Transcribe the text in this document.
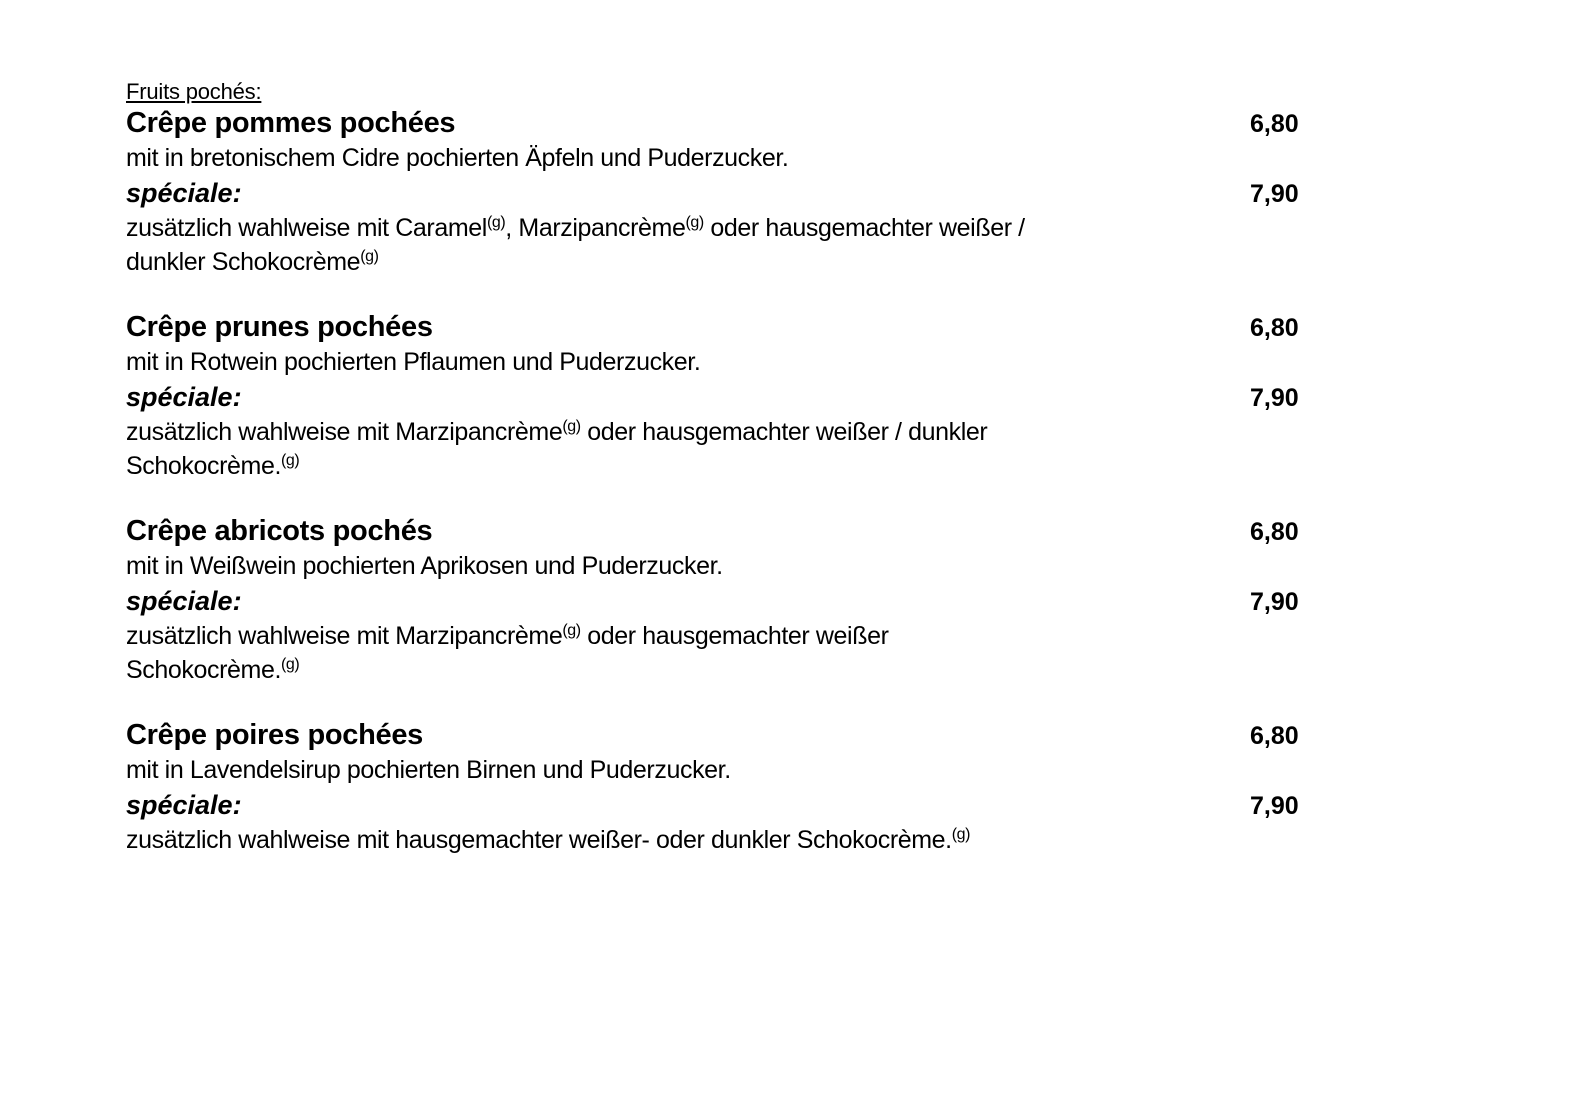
Fruits pochés:
Crêpe pommes pochées	6,80
mit in bretonischem Cidre pochierten Äpfeln und Puderzucker.
spéciale:	7,90
zusätzlich wahlweise mit Caramel$^{(g)}$, Marzipancrème$^{(g)}$ oder hausgemachter weißer / dunkler Schokocrème$^{(g)}$
Crêpe prunes pochées	6,80
mit in Rotwein pochierten Pflaumen und Puderzucker.
spéciale:	7,90
zusätzlich wahlweise mit Marzipancrème$^{(g)}$ oder hausgemachter weißer / dunkler Schokocrème.$^{(g)}$
Crêpe abricots pochés	6,80
mit in Weißwein pochierten Aprikosen und Puderzucker.
spéciale:	7,90
zusätzlich wahlweise mit Marzipancrème$^{(g)}$ oder hausgemachter weißer Schokocrème.$^{(g)}$
Crêpe poires pochées	6,80
mit in Lavendelsirup pochierten Birnen und Puderzucker.
spéciale:	7,90
zusätzlich wahlweise mit hausgemachter weißer- oder dunkler Schokocrème.$^{(g)}$
